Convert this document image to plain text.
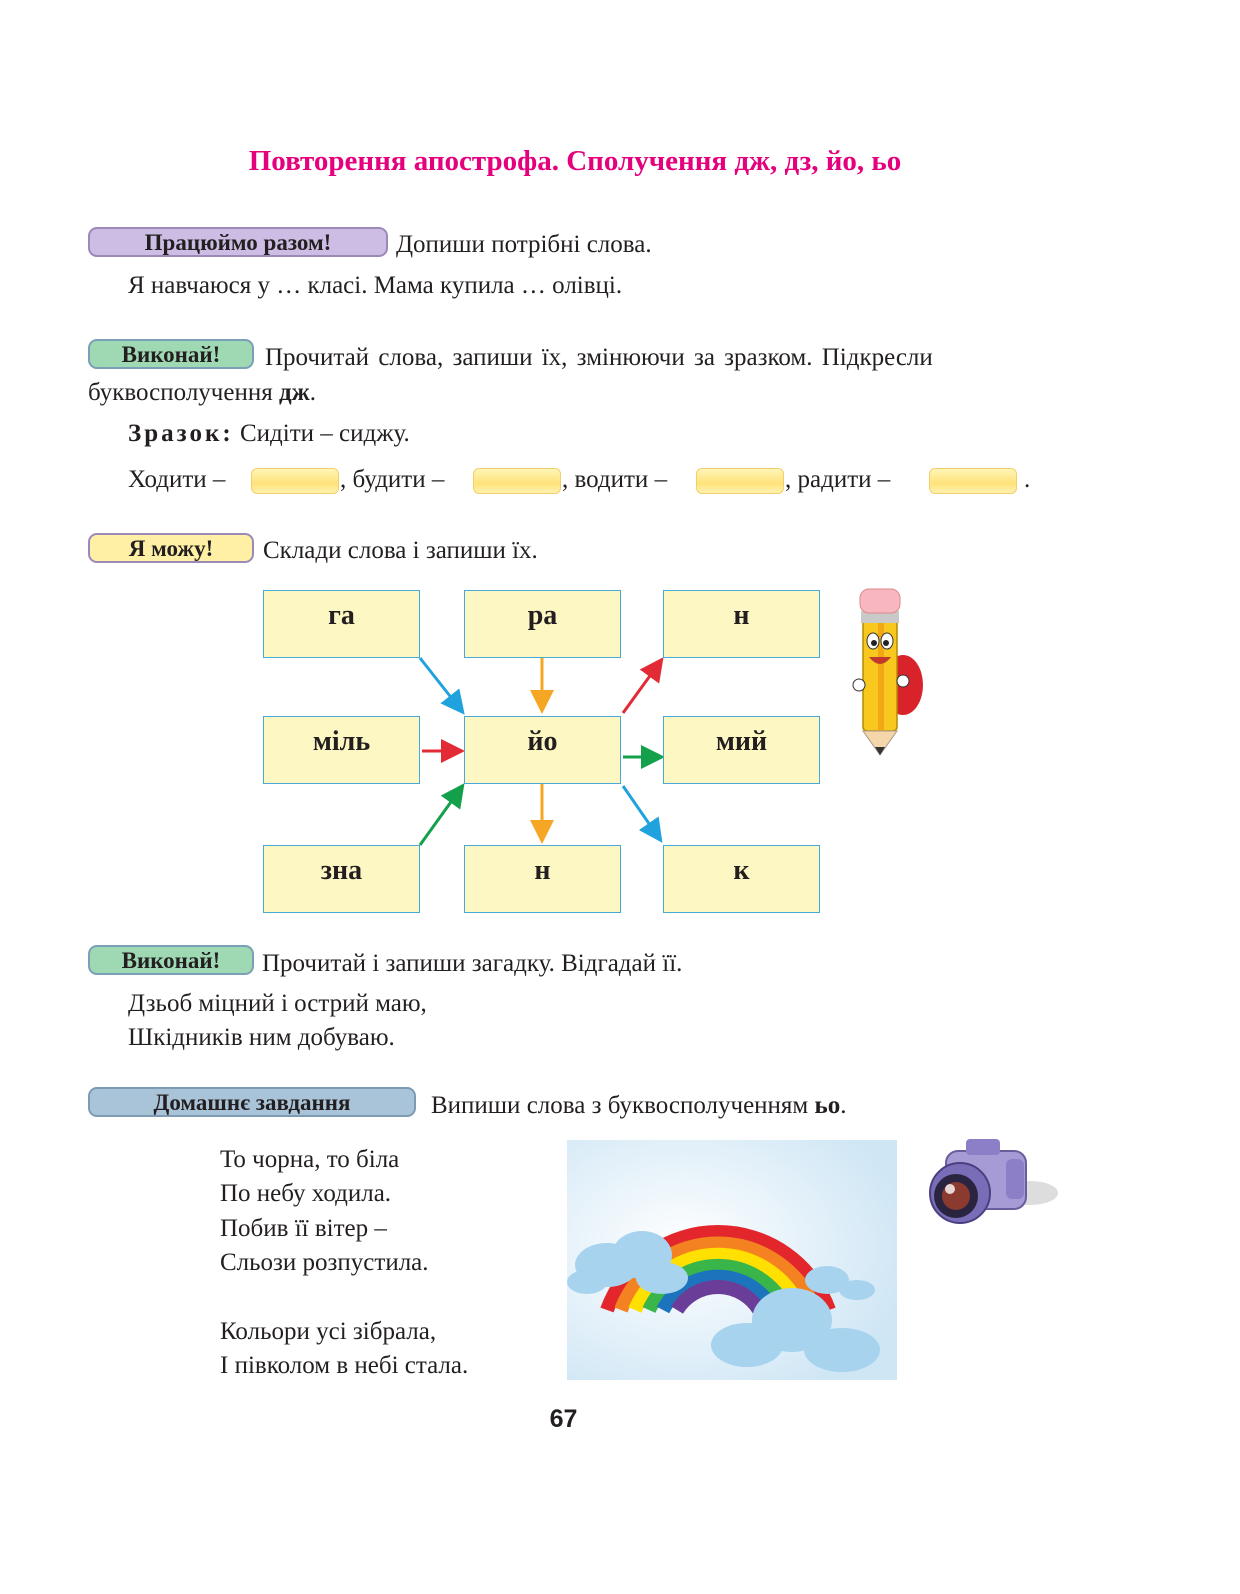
Повторення апострофа. Сполучення дж, дз, йо, ьо
Працюймо разом!	Допиши потрібні слова.
Я навчаюся у … класі. Мама купила … олівці.
Виконай!	Прочитай слова, запиши їх, змінюючи за зразком. Підкресли
буквосполучення дж.
Зразок: Сидіти – сиджу.
Ходити –	, будити –	, водити –	, радити –	.
Я можу!	Склади слова і запиши їх.
га	ра	н
міль	йо	мий
зна	н	к
Виконай!	Прочитай і запиши загадку. Відгадай її.
Дзьоб міцний і острий маю,
Шкідників ним добуваю.
Домашнє завдання	Випиши слова з буквосполученням ьо.
То чорна, то біла
По небу ходила.
Побив її вітер –
Сльози розпустила.
Кольори усі зібрала,
І півколом в небі стала.
67
